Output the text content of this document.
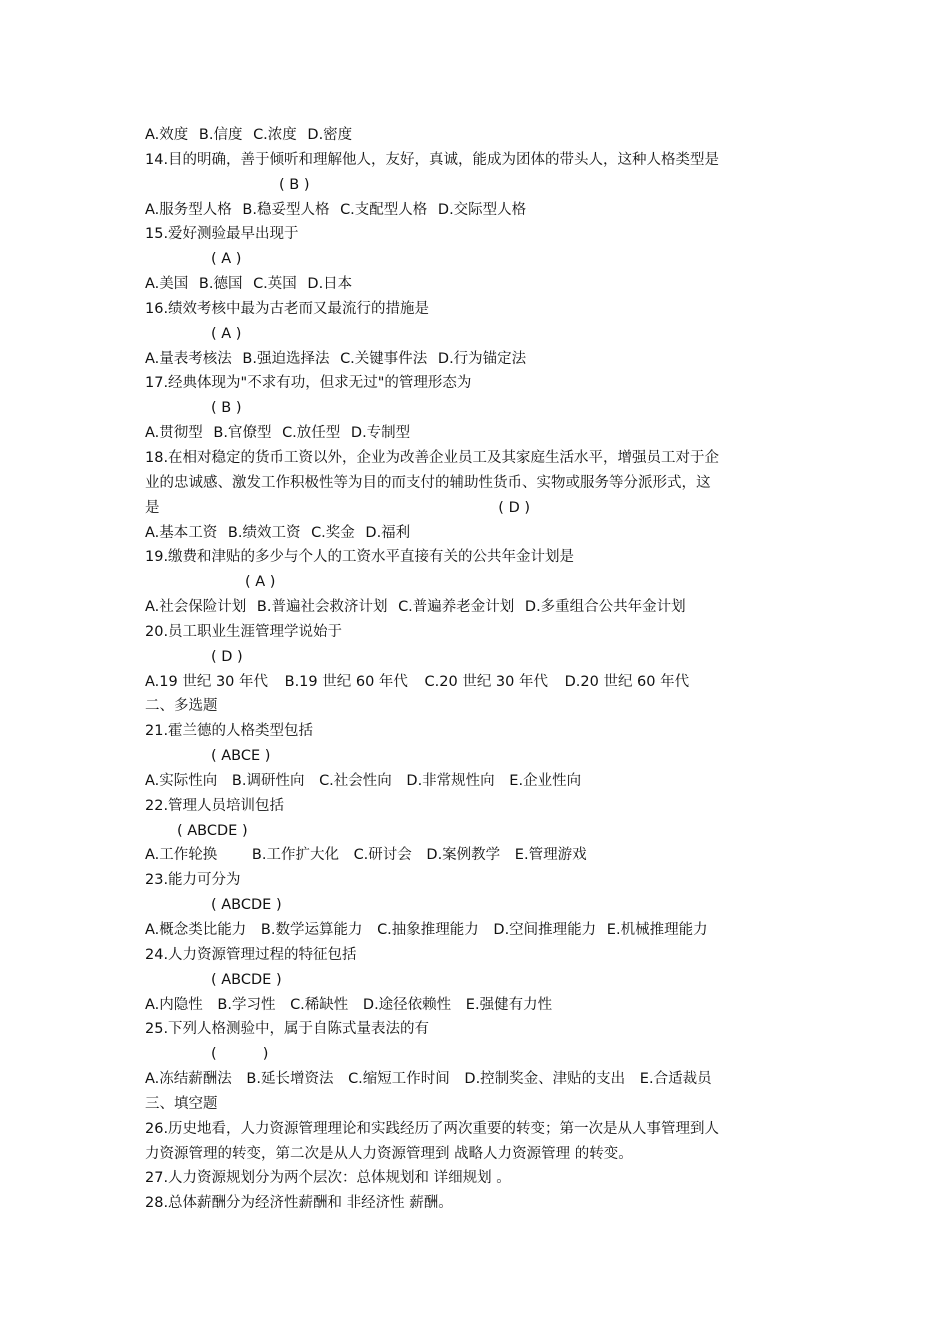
A.效度 B.信度 C.浓度 D.密度
14.目的明确，善于倾听和理解他人，友好，真诚，能成为团体的带头人，这种人格类型是
( B )
A.服务型人格 B.稳妥型人格 C.支配型人格 D.交际型人格
15.爱好测验最早出现于
( A )
A.美国 B.德国 C.英国 D.日本
16.绩效考核中最为古老而又最流行的措施是
( A )
A.量表考核法 B.强迫选择法 C.关键事件法 D.行为锚定法
17.经典体现为"不求有功，但求无过"的管理形态为
( B )
A.贯彻型 B.官僚型 C.放任型 D.专制型
18.在相对稳定的货币工资以外，企业为改善企业员工及其家庭生活水平，增强员工对于企
业的忠诚感、激发工作积极性等为目的而支付的辅助性货币、实物或服务等分派形式，这
是	( D )
A.基本工资 B.绩效工资 C.奖金 D.福利
19.缴费和津贴的多少与个人的工资水平直接有关的公共年金计划是
( A )
A.社会保险计划 B.普遍社会救济计划 C.普遍养老金计划 D.多重组合公共年金计划
20.员工职业生涯管理学说始于
( D )
A.19 世纪 30 年代 B.19 世纪 60 年代 C.20 世纪 30 年代 D.20 世纪 60 年代
二、多选题
21.霍兰德的人格类型包括
( ABCE )
A.实际性向 B.调研性向 C.社会性向 D.非常规性向 E.企业性向
22.管理人员培训包括
( ABCDE )
A.工作轮换 B.工作扩大化 C.研讨会 D.案例教学 E.管理游戏
23.能力可分为
( ABCDE )
A.概念类比能力 B.数学运算能力 C.抽象推理能力 D.空间推理能力 E.机械推理能力
24.人力资源管理过程的特征包括
( ABCDE )
A.内隐性 B.学习性 C.稀缺性 D.途径依赖性 E.强健有力性
25.下列人格测验中，属于自陈式量表法的有
(          )
A.冻结薪酬法 B.延长增资法 C.缩短工作时间 D.控制奖金、津贴的支出 E.合适裁员
三、填空题
26.历史地看，人力资源管理理论和实践经历了两次重要的转变；第一次是从人事管理到人
力资源管理的转变，第二次是从人力资源管理到 战略人力资源管理 的转变。
27.人力资源规划分为两个层次：总体规划和 详细规划 。
28.总体薪酬分为经济性薪酬和 非经济性 薪酬。
